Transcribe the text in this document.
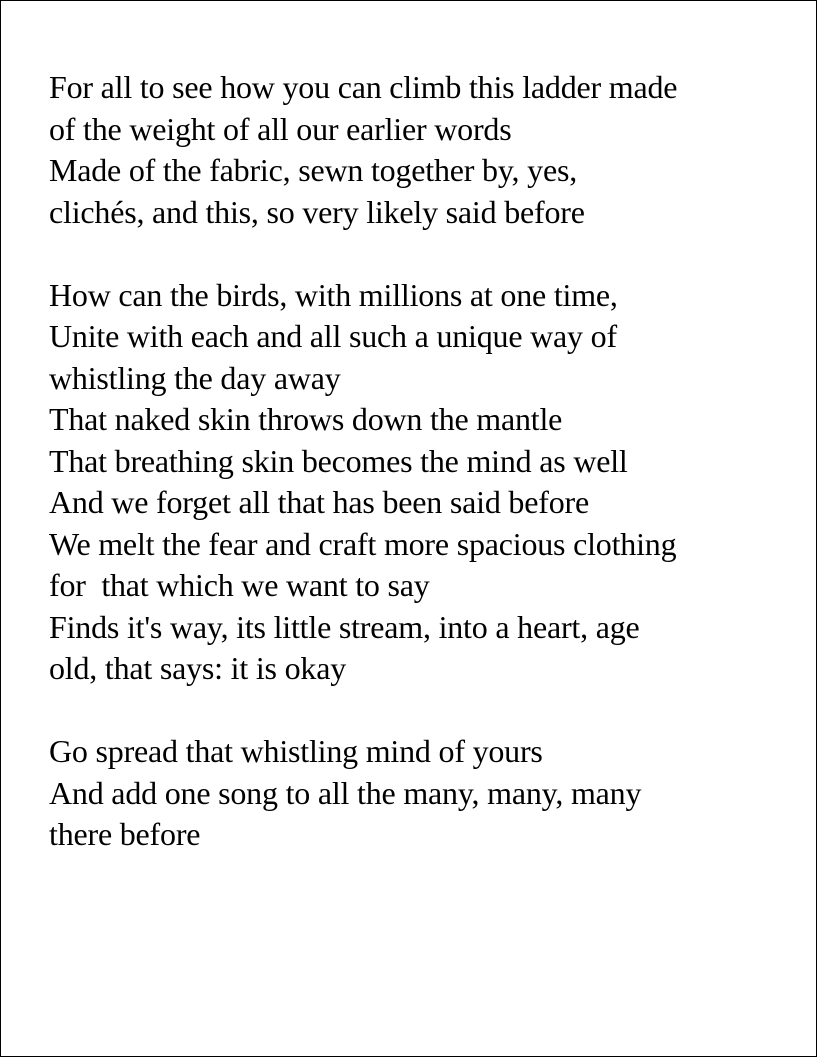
For all to see how you can climb this ladder made
of the weight of all our earlier words
Made of the fabric, sewn together by, yes,
clichés, and this, so very likely said before
How can the birds, with millions at one time,
Unite with each and all such a unique way of
whistling the day away
That naked skin throws down the mantle
That breathing skin becomes the mind as well
And we forget all that has been said before
We melt the fear and craft more spacious clothing
for  that which we want to say
Finds it's way, its little stream, into a heart, age
old, that says: it is okay
Go spread that whistling mind of yours
And add one song to all the many, many, many
there before
